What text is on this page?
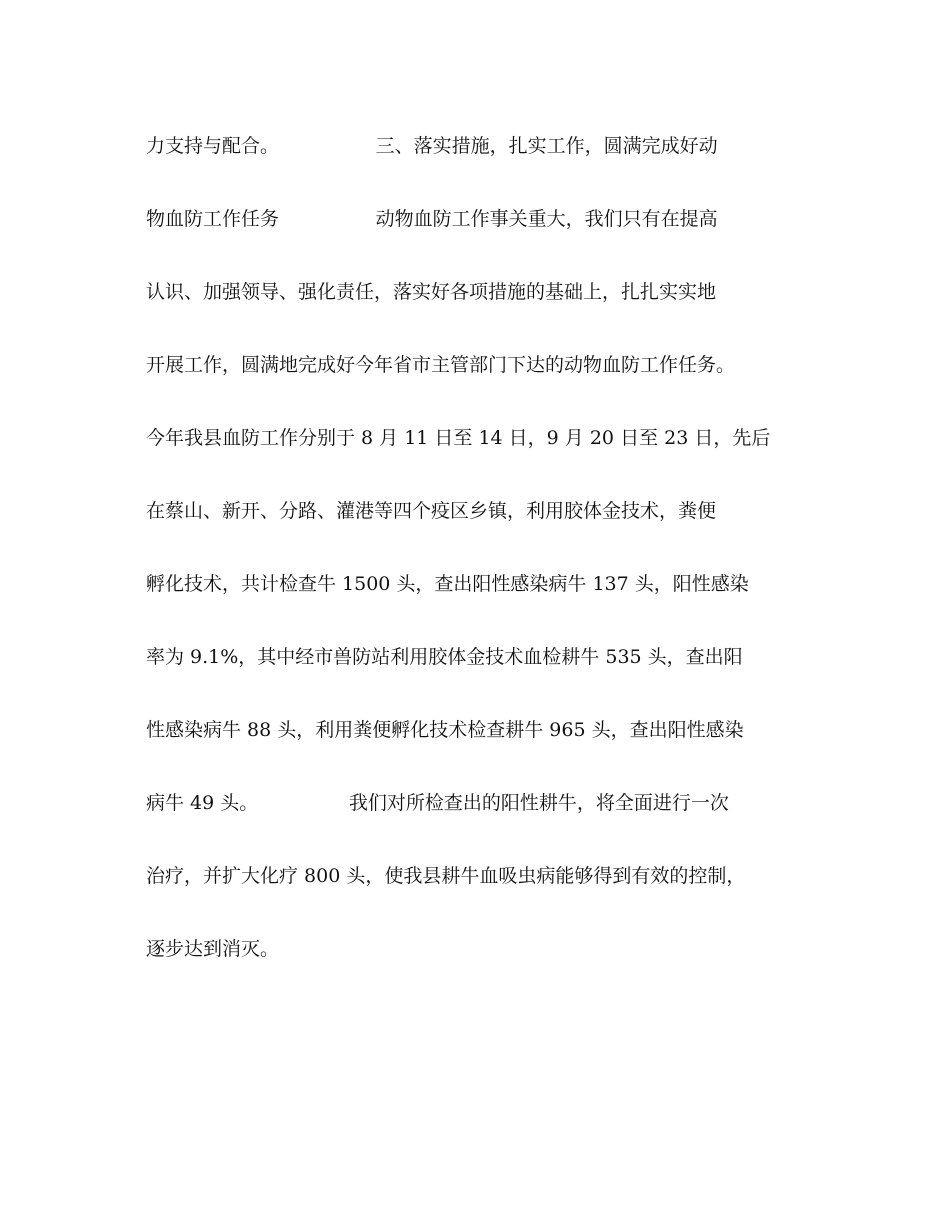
力支持与配合。                三、落实措施，扎实工作，圆满完成好动
物血防工作任务                动物血防工作事关重大，我们只有在提高
认识、加强领导、强化责任，落实好各项措施的基础上，扎扎实实地
开展工作，圆满地完成好今年省市主管部门下达的动物血防工作任务。
今年我县血防工作分别于 8 月 11 日至 14 日，9 月 20 日至 23 日，先后
在蔡山、新开、分路、灌港等四个疫区乡镇，利用胶体金技术，粪便
孵化技术，共计检查牛 1500 头，查出阳性感染病牛 137 头，阳性感染
率为 9.1%，其中经市兽防站利用胶体金技术血检耕牛 535 头，查出阳
性感染病牛 88 头，利用粪便孵化技术检查耕牛 965 头，查出阳性感染
病牛 49 头。               我们对所检查出的阳性耕牛，将全面进行一次
治疗，并扩大化疗 800 头，使我县耕牛血吸虫病能够得到有效的控制，
逐步达到消灭。
